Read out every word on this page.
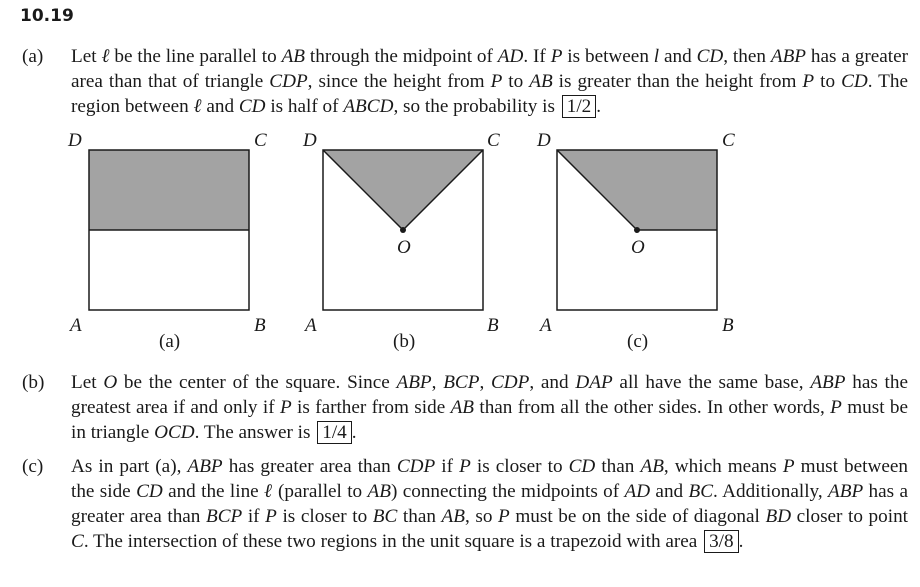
10.19
(a) Let ℓ be the line parallel to AB through the midpoint of AD. If P is between l and CD, then ABP has a greater area than that of triangle CDP, since the height from P to AB is greater than the height from P to CD. The region between ℓ and CD is half of ABCD, so the probability is 1/2 .
D	C
A	B
(a)
O
D	C
A	B
(b)
O
D	C
A	B
(c)
(b) Let O be the center of the square. Since ABP, BCP, CDP, and DAP all have the same base, ABP has the greatest area if and only if P is farther from side AB than from all the other sides. In other words, P must be in triangle OCD. The answer is 1/4 .
(c) As in part (a), ABP has greater area than CDP if P is closer to CD than AB, which means P must between the side CD and the line ℓ (parallel to AB) connecting the midpoints of AD and BC. Additionally, ABP has a greater area than BCP if P is closer to BC than AB, so P must be on the side of diagonal BD closer to point C. The intersection of these two regions in the unit square is a trapezoid with area 3/8 .
